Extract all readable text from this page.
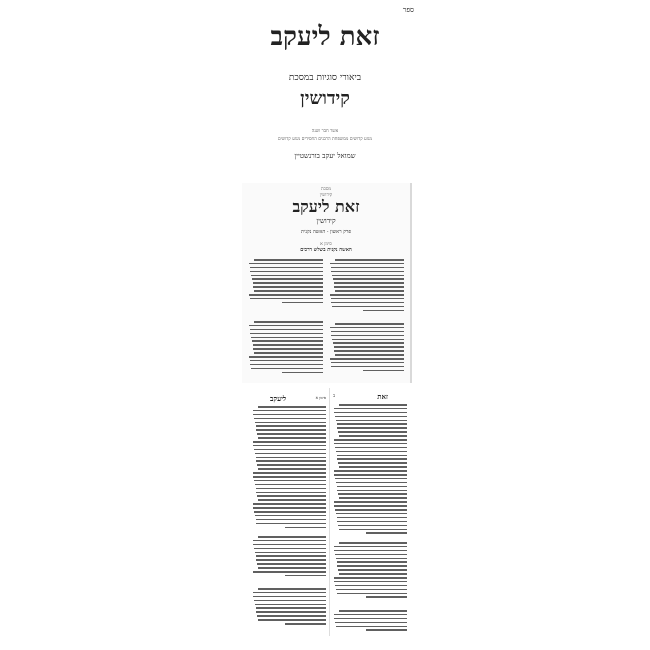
ספר
זאת ליעקב
ביאורי סוגיות במסכת
קידושין
אשר חבר ושנה
מגזע קדושים ממשפחת הרבנים החסידים מגזע קדושים
שמואל יעקב בורנשטיין
מסכת
קידושין
זאת ליעקב
קידושין
פרק ראשון - האשה נקנית
סימן א
האשה נקנית בשלש דרכים
ליעקב	סימן א ב	זאת
